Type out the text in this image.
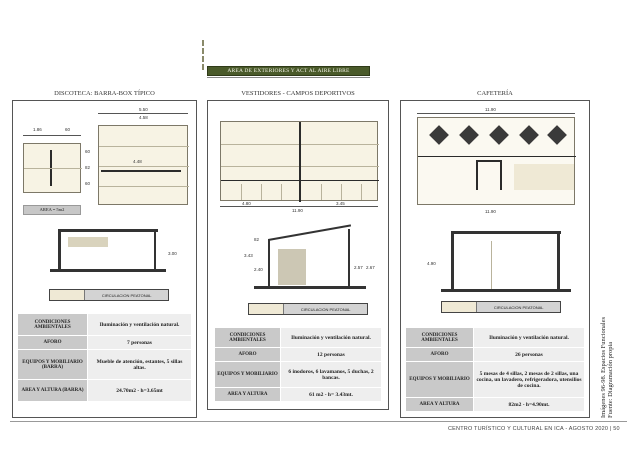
AREA DE EXTERIORES Y ACT AL AIRE LIBRE
DISCOTECA: BARRA-BOX TÍPICO
1.86	60
5.50
4.58
60
82
60
4.48
AREA = 5m2
3.00
CIRCULACION PEATONAL
CONDICIONES AMBIENTALES	Iluminación y ventilación natural.
AFORO	7 personas
EQUIPOS Y MOBILIARIO (BARRA)	Mueble de atención, estantes, 5 sillas altas.
AREA Y ALTURA (BARRA)	24.70m2 - h=3.65mt
VESTIDORES - CAMPOS DEPORTIVOS
11.90
4.80	3.45
3.43
2.40	2.57 2.67
82
CIRCULACION PEATONAL
CONDICIONES AMBIENTALES	Iluminación y ventilación natural.
AFORO	12 personas
EQUIPOS Y MOBILIARIO	6 inodoros, 6 lavamanos, 5 duchas, 2 bancas.
AREA Y ALTURA	61 m2 - h= 3.43mt.
CAFETERÍA
11.90
11.90
4.90
CIRCULACION PEATONAL
CONDICIONES AMBIENTALES	Iluminación y ventilación natural.
AFORO	26 personas
EQUIPOS Y MOBILIARIO	5 mesas de 4 sillas, 2 mesas de 2 sillas, una cocina, un lavadero, refrigeradora, utensilios de cocina.
AREA Y ALTURA	82m2 - h=4.90mt.	Imágenes 96-98. Espacios Funcionales
Fuente: Diagramación propia
CENTRO TURÍSTICO Y CULTURAL EN ICA - AGOSTO 2020 | 50
